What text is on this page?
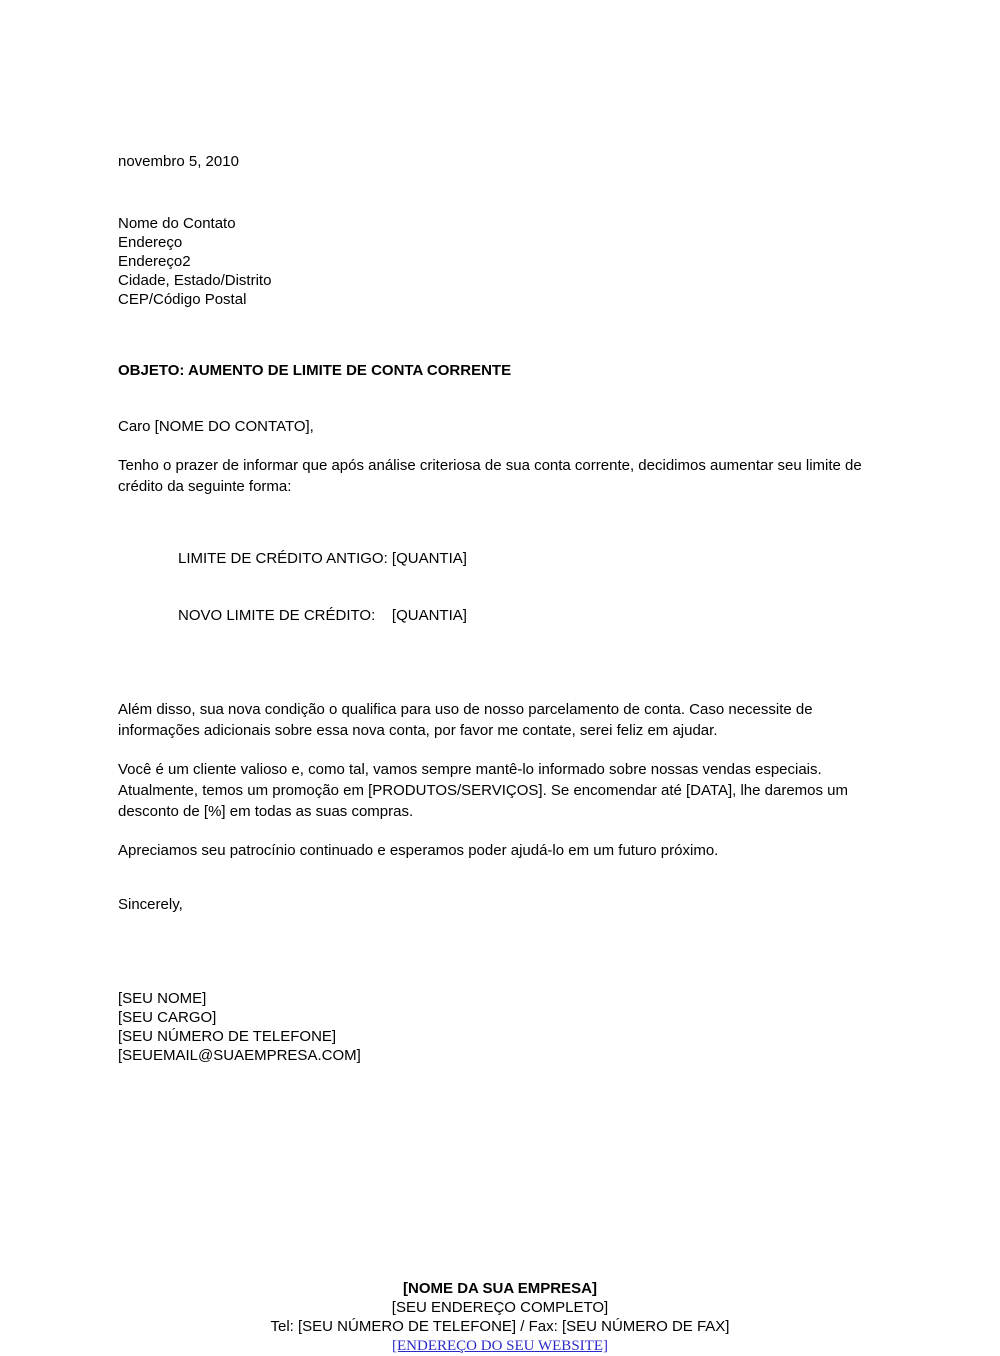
novembro 5, 2010
Nome do Contato
Endereço
Endereço2
Cidade, Estado/Distrito
CEP/Código Postal
OBJETO: AUMENTO DE LIMITE DE CONTA CORRENTE
Caro [NOME DO CONTATO],

Tenho o prazer de informar que após análise criteriosa de sua conta corrente, decidimos aumentar seu limite de crédito da seguinte forma:

LIMITE DE CRÉDITO ANTIGO: [QUANTIA]

NOVO LIMITE DE CRÉDITO:    [QUANTIA]

Além disso, sua nova condição o qualifica para uso de nosso parcelamento de conta. Caso necessite de informações adicionais sobre essa nova conta, por favor me contate, serei feliz em ajudar.

Você é um cliente valioso e, como tal, vamos sempre mantê-lo informado sobre nossas vendas especiais. Atualmente, temos um promoção em [PRODUTOS/SERVIÇOS]. Se encomendar até [DATA], lhe daremos um desconto de [%] em todas as suas compras.

Apreciamos seu patrocínio continuado e esperamos poder ajudá-lo em um futuro próximo.

Sincerely,
[SEU NOME]
[SEU CARGO]
[SEU NÚMERO DE TELEFONE]
[SEUEMAIL@SUAEMPRESA.COM]
[NOME DA SUA EMPRESA]
[SEU ENDEREÇO COMPLETO]
Tel: [SEU NÚMERO DE TELEFONE] / Fax: [SEU NÚMERO DE FAX]
[ENDEREÇO DO SEU WEBSITE]
